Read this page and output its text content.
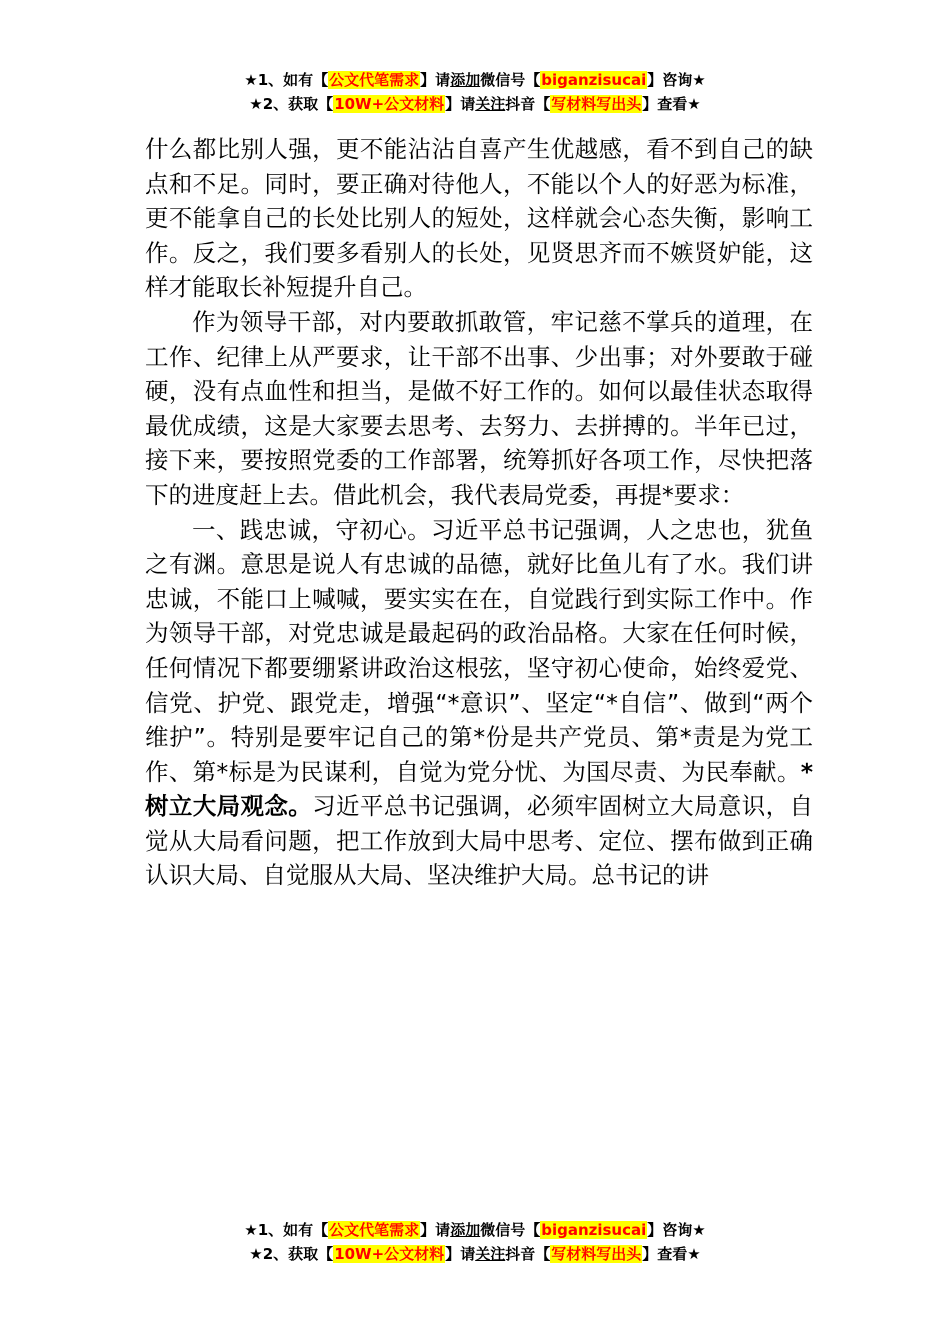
★1、如有【公文代笔需求】请添加微信号【biganzisucai】咨询★
★2、获取【10W+公文材料】请关注抖音【写材料写出头】查看★

什么都比别人强，更不能沾沾自喜产生优越感，看不到自己的缺点和不足。同时，要正确对待他人，不能以个人的好恶为标准，更不能拿自己的长处比别人的短处，这样就会心态失衡，影响工作。反之，我们要多看别人的长处，见贤思齐而不嫉贤妒能，这样才能取长补短提升自己。

作为领导干部，对内要敢抓敢管，牢记慈不掌兵的道理，在工作、纪律上从严要求，让干部不出事、少出事；对外要敢于碰硬，没有点血性和担当，是做不好工作的。如何以最佳状态取得最优成绩，这是大家要去思考、去努力、去拼搏的。半年已过，接下来，要按照党委的工作部署，统筹抓好各项工作，尽快把落下的进度赶上去。借此机会，我代表局党委，再提*要求：

一、践忠诚，守初心。习近平总书记强调，人之忠也，犹鱼之有渊。意思是说人有忠诚的品德，就好比鱼儿有了水。我们讲忠诚，不能口上喊喊，要实实在在，自觉践行到实际工作中。作为领导干部，对党忠诚是最起码的政治品格。大家在任何时候，任何情况下都要绷紧讲政治这根弦，坚守初心使命，始终爱党、信党、护党、跟党走，增强“*意识”、坚定“*自信”、做到“两个维护”。特别是要牢记自己的第*份是共产党员、第*责是为党工作、第*标是为民谋利，自觉为党分忧、为国尽责、为民奉献。*树立大局观念。习近平总书记强调，必须牢固树立大局意识，自觉从大局看问题，把工作放到大局中思考、定位、摆布做到正确认识大局、自觉服从大局、坚决维护大局。总书记的讲

★1、如有【公文代笔需求】请添加微信号【biganzisucai】咨询★
★2、获取【10W+公文材料】请关注抖音【写材料写出头】查看★
